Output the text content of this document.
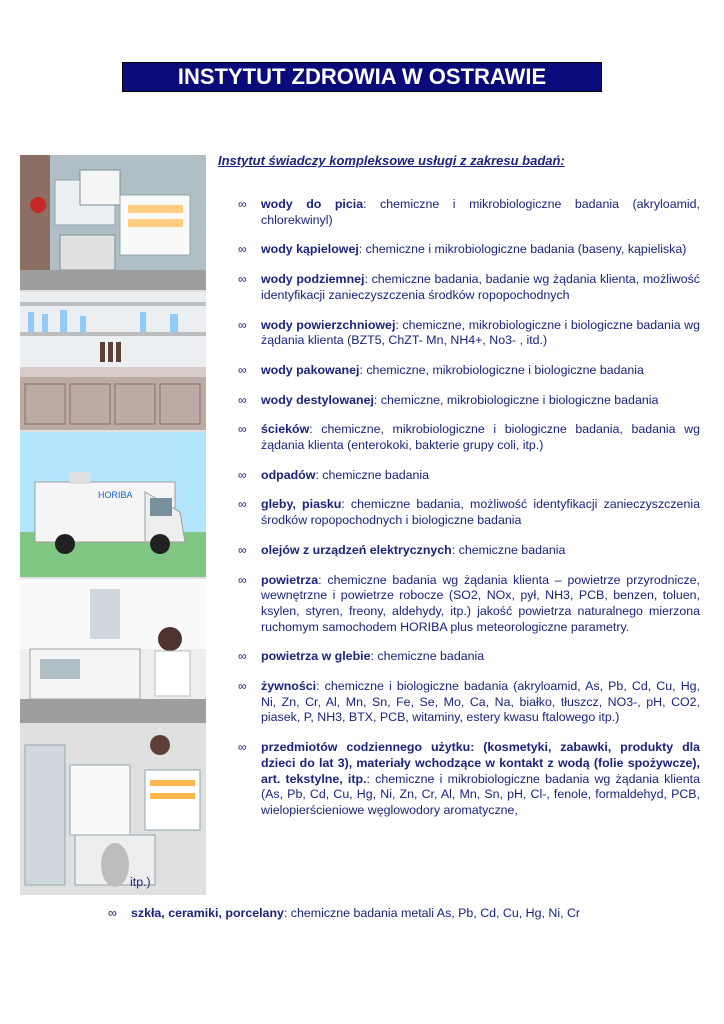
INSTYTUT ZDROWIA W OSTRAWIE
HORIBA
Instytut świadczy kompleksowe usługi z zakresu badań:
∞ wody do picia: chemiczne i mikrobiologiczne badania (akryloamid, chlorekwinyl)
∞ wody kąpielowej: chemiczne i mikrobiologiczne badania (baseny, kąpieliska)
∞ wody podziemnej: chemiczne badania, badanie wg żądania klienta, możliwość identyfikacji zanieczyszczenia środków ropopochodnych
∞ wody powierzchniowej: chemiczne, mikrobiologiczne i biologiczne badania wg żądania klienta (BZT5, ChZT- Mn, NH4+, No3- , itd.)
∞ wody pakowanej: chemiczne, mikrobiologiczne i biologiczne badania
∞ wody destylowanej: chemiczne, mikrobiologiczne i biologiczne badania
∞ ścieków: chemiczne, mikrobiologiczne i biologiczne badania, badania wg żądania klienta (enterokoki, bakterie grupy coli, itp.)
∞ odpadów: chemiczne badania
∞ gleby, piasku: chemiczne badania, możliwość identyfikacji zanieczyszczenia środków ropopochodnych i biologiczne badania
∞ olejów z urządzeń elektrycznych: chemiczne badania
∞ powietrza: chemiczne badania wg żądania klienta – powietrze przyrodnicze, wewnętrzne i powietrze robocze (SO2, NOx, pył, NH3, PCB, benzen, toluen, ksylen, styren, freony, aldehydy, itp.) jakość powietrza naturalnego mierzona ruchomym samochodem HORIBA plus meteorologiczne parametry.
∞ powietrza w glebie: chemiczne badania
∞ żywności: chemiczne i biologiczne badania (akryloamid, As, Pb, Cd, Cu, Hg, Ni, Zn, Cr, Al, Mn, Sn, Fe, Se, Mo, Ca, Na, białko, tłuszcz, NO3-, pH, CO2, piasek, P, NH3, BTX, PCB, witaminy, estery kwasu ftalowego itp.)
∞ przedmiotów codziennego użytku: (kosmetyki, zabawki, produkty dla dzieci do lat 3), materiały wchodzące w kontakt z wodą (folie spożywcze), art. tekstylne, itp.: chemiczne i mikrobiologiczne badania wg żądania klienta (As, Pb, Cd, Cu, Hg, Ni, Zn, Cr, Al, Mn, Sn, pH, Cl-, fenole, formaldehyd, PCB, wielopierścieniowe węglowodory aromatyczne,
itp.)
∞ szkła, ceramiki, porcelany: chemiczne badania metali As, Pb, Cd, Cu, Hg, Ni, Cr
